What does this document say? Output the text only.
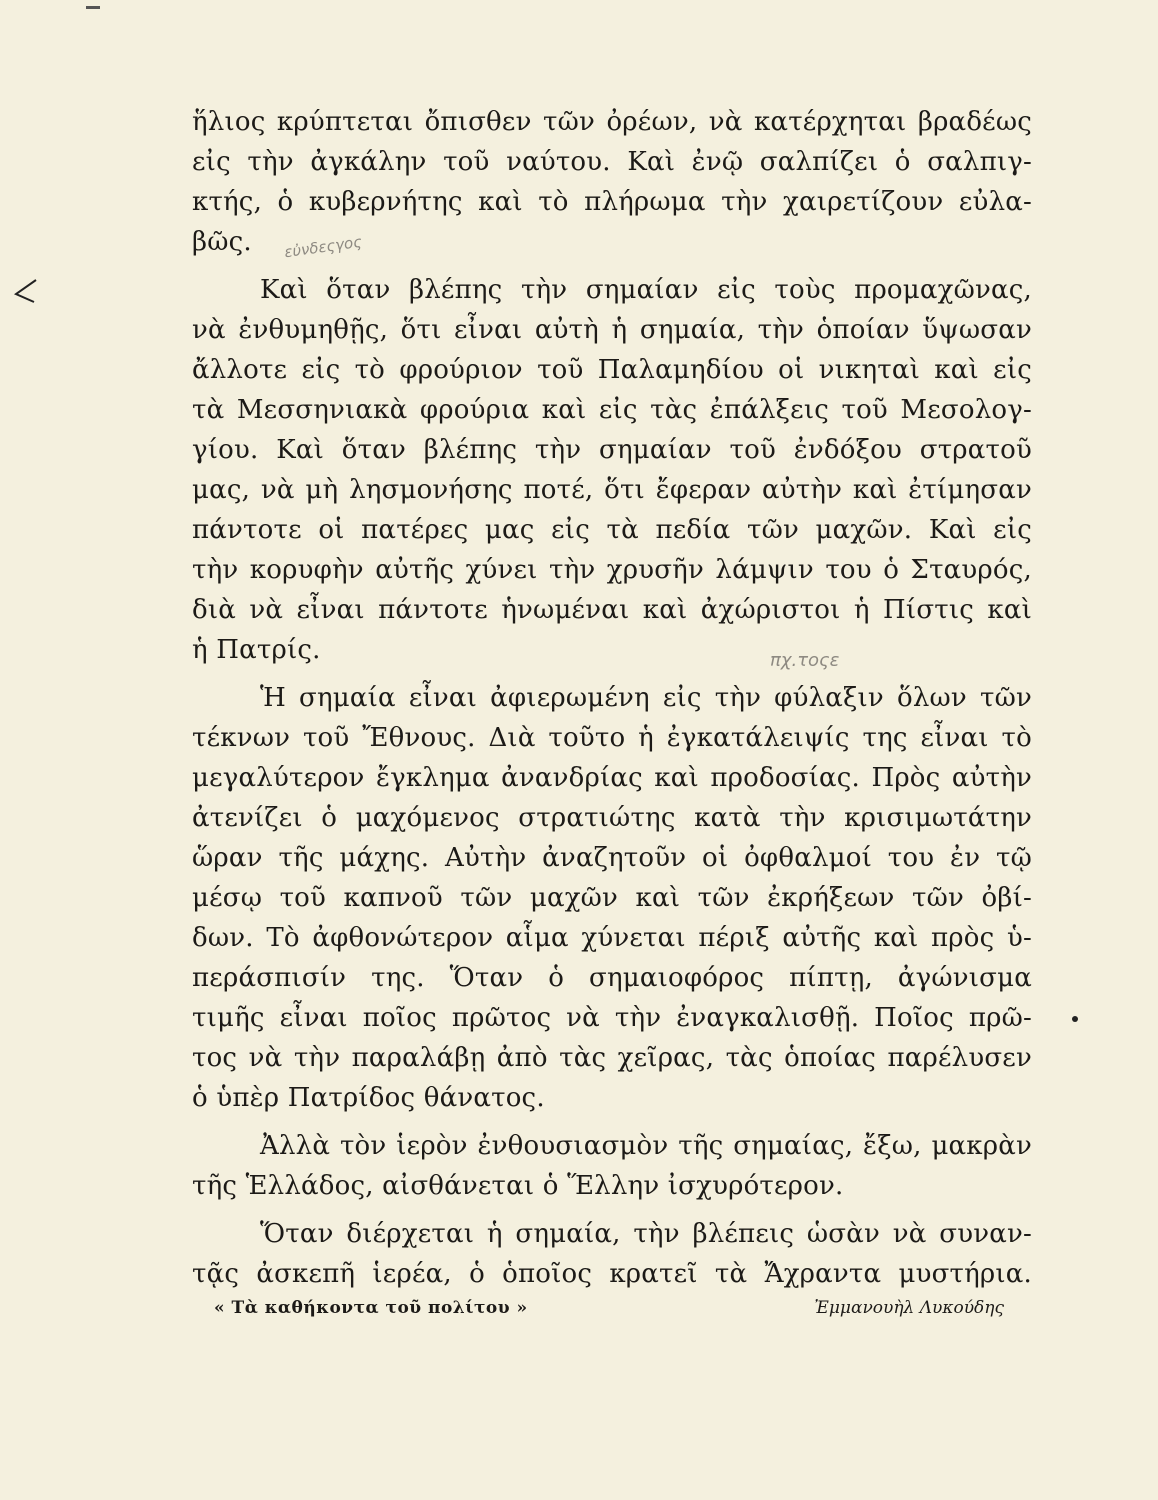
εὐνδεςγος
πχ.τοςε
ἥλιος κρύπτεται ὄπισθεν τῶν ὀρέων, νὰ κατέρχηται βραδέως
εἰς τὴν ἀγκάλην τοῦ ναύτου. Καὶ ἐνῷ σαλπίζει ὁ σαλπιγ-
κτής, ὁ κυβερνήτης καὶ τὸ πλήρωμα τὴν χαιρετίζουν εὐλα-
βῶς.
Καὶ ὅταν βλέπης τὴν σημαίαν εἰς τοὺς προμαχῶνας,
νὰ ἐνθυμηθῇς, ὅτι εἶναι αὐτὴ ἡ σημαία, τὴν ὁποίαν ὕψωσαν
ἄλλοτε εἰς τὸ φρούριον τοῦ Παλαμηδίου οἱ νικηταὶ καὶ εἰς
τὰ Μεσσηνιακὰ φρούρια καὶ εἰς τὰς ἐπάλξεις τοῦ Μεσολογ-
γίου. Καὶ ὅταν βλέπης τὴν σημαίαν τοῦ ἐνδόξου στρατοῦ
μας, νὰ μὴ λησμονήσης ποτέ, ὅτι ἔφεραν αὐτὴν καὶ ἐτίμησαν
πάντοτε οἱ πατέρες μας εἰς τὰ πεδία τῶν μαχῶν. Καὶ εἰς
τὴν κορυφὴν αὐτῆς χύνει τὴν χρυσῆν λάμψιν του ὁ Σταυρός,
διὰ νὰ εἶναι πάντοτε ἡνωμέναι καὶ ἀχώριστοι ἡ Πίστις καὶ
ἡ Πατρίς.
Ἡ σημαία εἶναι ἀφιερωμένη εἰς τὴν φύλαξιν ὅλων τῶν
τέκνων τοῦ Ἔθνους. Διὰ τοῦτο ἡ ἐγκατάλειψίς της εἶναι τὸ
μεγαλύτερον ἔγκλημα ἀνανδρίας καὶ προδοσίας. Πρὸς αὐτὴν
ἀτενίζει ὁ μαχόμενος στρατιώτης κατὰ τὴν κρισιμωτάτην
ὥραν τῆς μάχης. Αὐτὴν ἀναζητοῦν οἱ ὀφθαλμοί του ἐν τῷ
μέσῳ τοῦ καπνοῦ τῶν μαχῶν καὶ τῶν ἐκρήξεων τῶν ὀβί-
δων. Τὸ ἀφθονώτερον αἷμα χύνεται πέριξ αὐτῆς καὶ πρὸς ὑ-
περάσπισίν της. Ὅταν ὁ σημαιοφόρος πίπτῃ, ἀγώνισμα
τιμῆς εἶναι ποῖος πρῶτος νὰ τὴν ἐναγκαλισθῇ. Ποῖος πρῶ-
τος νὰ τὴν παραλάβῃ ἀπὸ τὰς χεῖρας, τὰς ὁποίας παρέλυσεν
ὁ ὑπὲρ Πατρίδος θάνατος.
Ἀλλὰ τὸν ἱερὸν ἐνθουσιασμὸν τῆς σημαίας, ἔξω, μακρὰν
τῆς Ἑλλάδος, αἰσθάνεται ὁ Ἕλλην ἰσχυρότερον.
Ὅταν διέρχεται ἡ σημαία, τὴν βλέπεις ὡσὰν νὰ συναν-
τᾷς ἀσκεπῆ ἱερέα, ὁ ὁποῖος κρατεῖ τὰ Ἄχραντα μυστήρια.
« Τὰ καθήκοντα τοῦ πολίτου »	Ἐμμανουὴλ Λυκούδης
